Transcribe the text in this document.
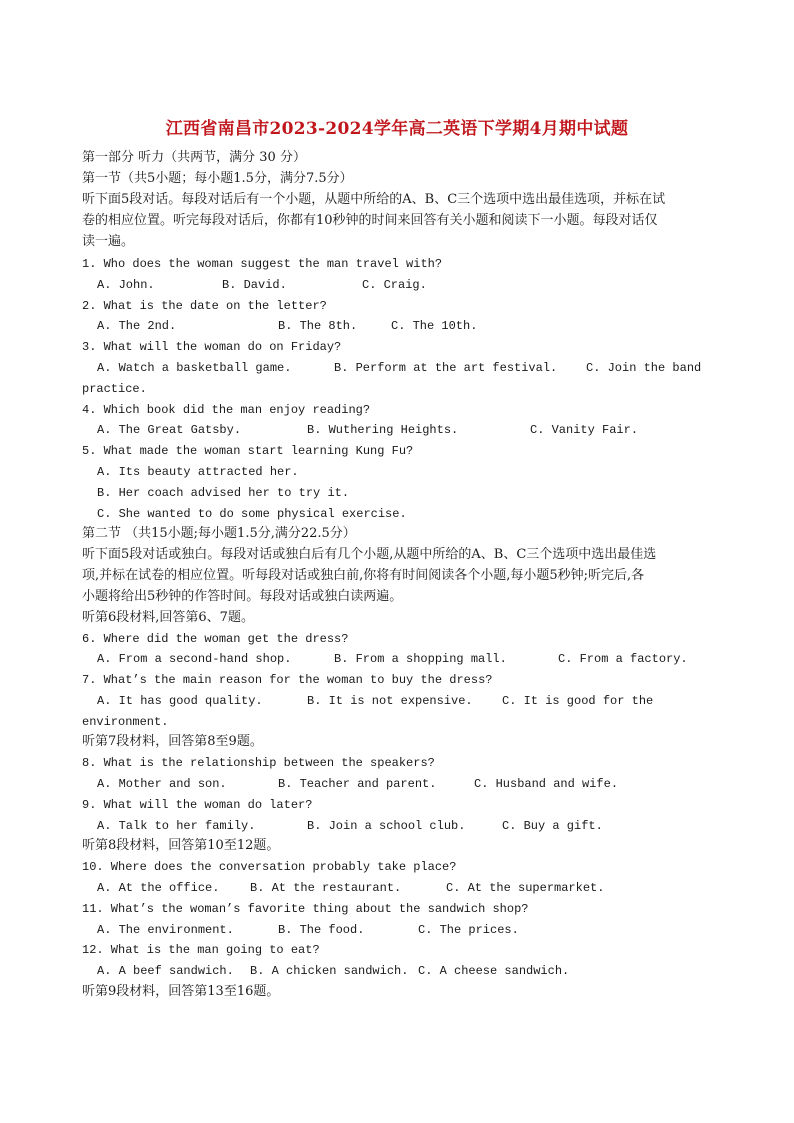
江西省南昌市2023-2024学年高二英语下学期4月期中试题
第一部分 听力（共两节，满分 30 分）
第一节（共5小题；每小题1.5分，满分7.5分）
听下面5段对话。每段对话后有一个小题，从题中所给的A、B、C三个选项中选出最佳选项，并标在试
卷的相应位置。听完每段对话后，你都有10秒钟的时间来回答有关小题和阅读下一小题。每段对话仅
读一遍。
1. Who does the woman suggest the man travel with?
A. John.	B. David.	C. Craig.
2. What is the date on the letter?
A. The 2nd.	B. The 8th.	C. The 10th.
3. What will the woman do on Friday?
A. Watch a basketball game.	B. Perform at the art festival. C. Join the band
practice.
4. Which book did the man enjoy reading?
A. The Great Gatsby.	B. Wuthering Heights.	C. Vanity Fair.
5. What made the woman start learning Kung Fu?
A. Its beauty attracted her.
B. Her coach advised her to try it.
C. She wanted to do some physical exercise.
第二节 （共15小题;每小题1.5分,满分22.5分）
听下面5段对话或独白。每段对话或独白后有几个小题,从题中所给的A、B、C三个选项中选出最佳选
项,并标在试卷的相应位置。听每段对话或独白前,你将有时间阅读各个小题,每小题5秒钟;听完后,各
小题将给出5秒钟的作答时间。每段对话或独白读两遍。
听第6段材料,回答第6、7题。
6. Where did the woman get the dress?
A. From a second-hand shop.	B. From a shopping mall.	C. From a factory.
7. What’s the main reason for the woman to buy the dress?
A. It has good quality.	B. It is not expensive. C. It is good for the
environment.
听第7段材料，回答第8至9题。
8. What is the relationship between the speakers?
A. Mother and son.	B. Teacher and parent.	C. Husband and wife.
9. What will the woman do later?
A. Talk to her family.	B. Join a school club.	C. Buy a gift.
听第8段材料，回答第10至12题。
10. Where does the conversation probably take place?
A. At the office.	B. At the restaurant.	C. At the supermarket.
11. What’s the woman’s favorite thing about the sandwich shop?
A. The environment.	B. The food.	C. The prices.
12. What is the man going to eat?
A. A beef sandwich. B. A chicken sandwich. C. A cheese sandwich.
听第9段材料，回答第13至16题。
